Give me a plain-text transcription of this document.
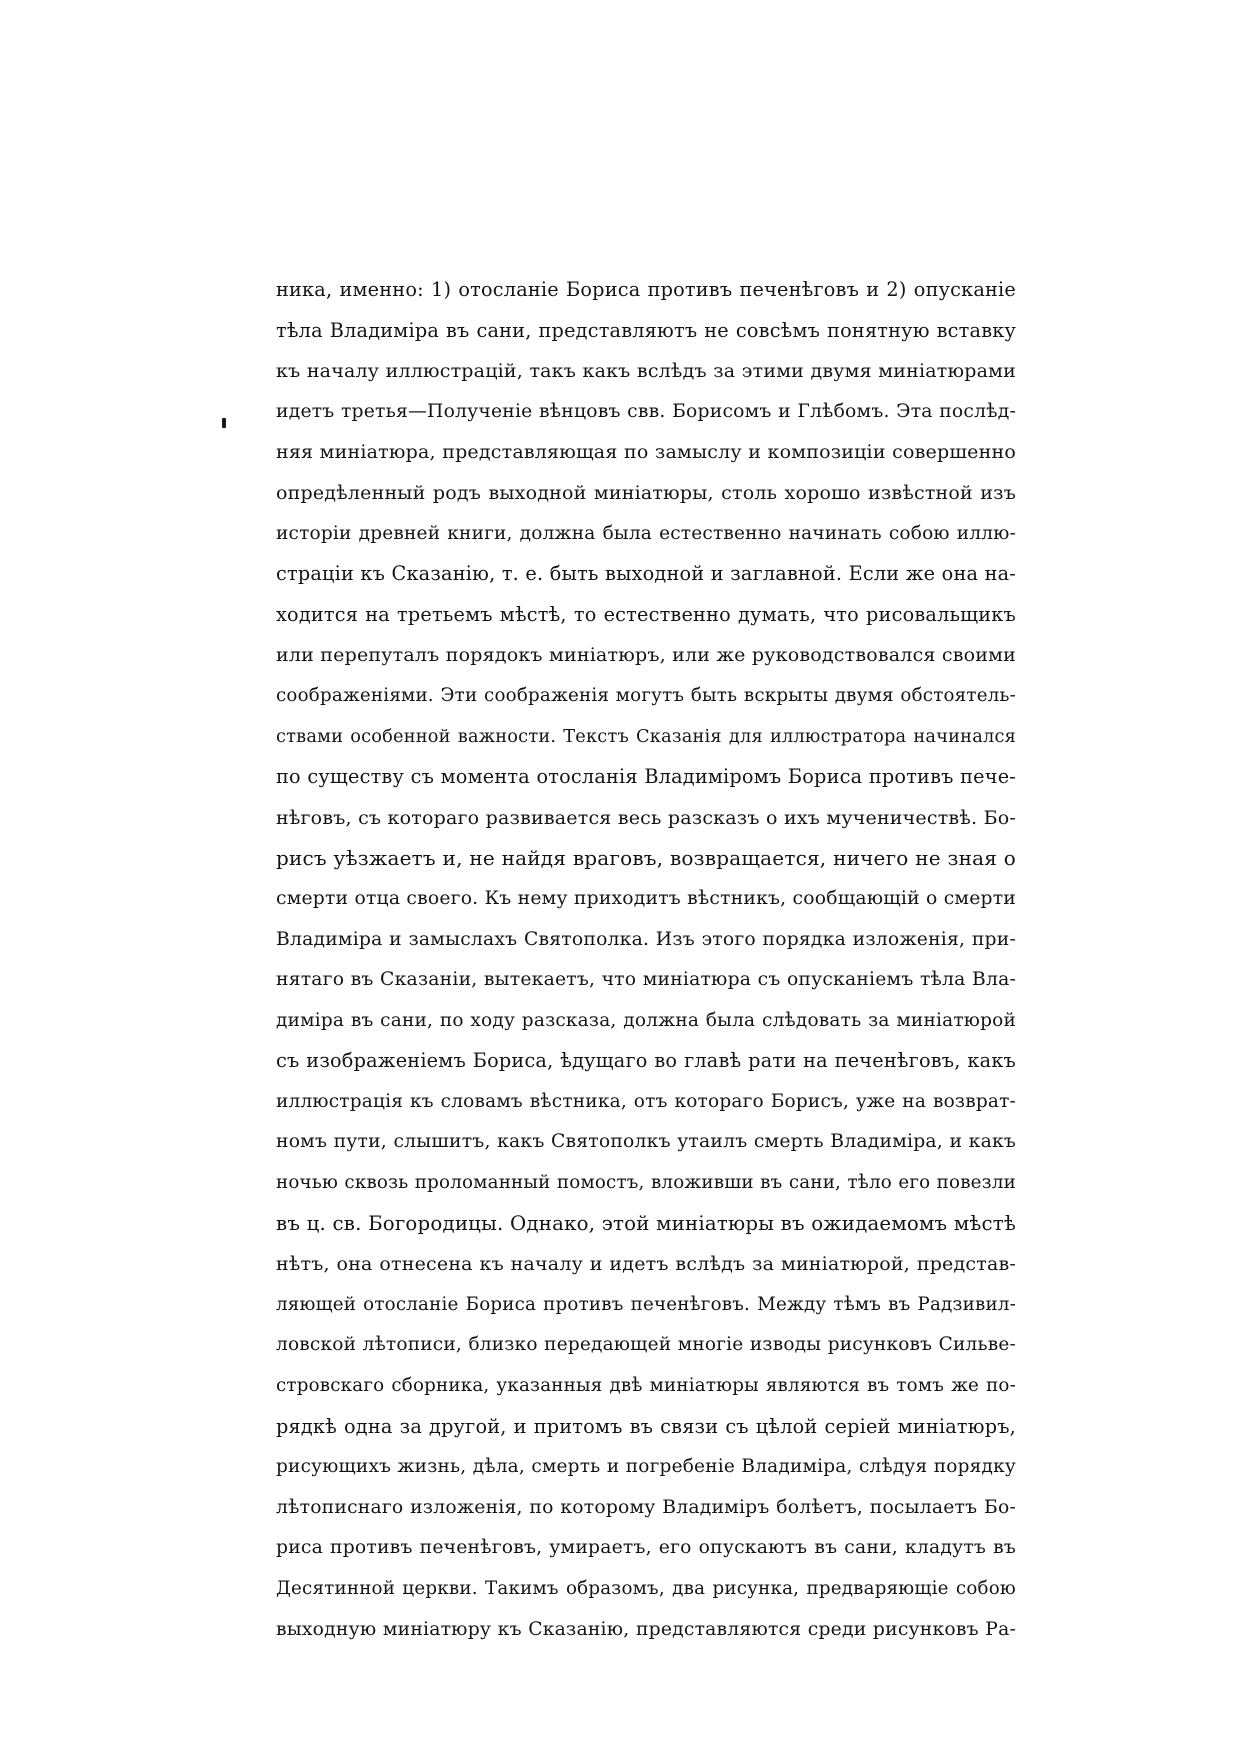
ника, именно: 1) отосланіе Бориса противъ печенѣговъ и 2) опусканіе
тѣла Владиміра въ сани, представляютъ не совсѣмъ понятную вставку
къ началу иллюстрацій, такъ какъ вслѣдъ за этими двумя миніатюрами
идетъ третья—Полученіе вѣнцовъ свв. Борисомъ и Глѣбомъ. Эта послѣд-
няя миніатюра, представляющая по замыслу и композиціи совершенно
опредѣленный родъ выходной миніатюры, столь хорошо извѣстной изъ
исторіи древней книги, должна была естественно начинать собою иллю-
страціи къ Сказанію, т. е. быть выходной и заглавной. Если же она на-
ходится на третьемъ мѣстѣ, то естественно думать, что рисовальщикъ
или перепуталъ порядокъ миніатюръ, или же руководствовался своими
соображеніями. Эти соображенія могутъ быть вскрыты двумя обстоятель-
ствами особенной важности. Текстъ Сказанія для иллюстратора начинался
по существу съ момента отосланія Владиміромъ Бориса противъ пече-
нѣговъ, съ котораго развивается весь разсказъ о ихъ мученичествѣ. Бо-
рисъ уѣзжаетъ и, не найдя враговъ, возвращается, ничего не зная о
смерти отца своего. Къ нему приходитъ вѣстникъ, сообщающій о смерти
Владиміра и замыслахъ Святополка. Изъ этого порядка изложенія, при-
нятаго въ Сказаніи, вытекаетъ, что миніатюра съ опусканіемъ тѣла Вла-
диміра въ сани, по ходу разсказа, должна была слѣдовать за миніатюрой
съ изображеніемъ Бориса, ѣдущаго во главѣ рати на печенѣговъ, какъ
иллюстрація къ словамъ вѣстника, отъ котораго Борисъ, уже на возврат-
номъ пути, слышитъ, какъ Святополкъ утаилъ смерть Владиміра, и какъ
ночью сквозь проломанный помостъ, вложивши въ сани, тѣло его повезли
въ ц. св. Богородицы. Однако, этой миніатюры въ ожидаемомъ мѣстѣ
нѣтъ, она отнесена къ началу и идетъ вслѣдъ за миніатюрой, представ-
ляющей отосланіе Бориса противъ печенѣговъ. Между тѣмъ въ Радзивил-
ловской лѣтописи, близко передающей многіе изводы рисунковъ Сильве-
стровскаго сборника, указанныя двѣ миніатюры являются въ томъ же по-
рядкѣ одна за другой, и притомъ въ связи съ цѣлой серіей миніатюръ,
рисующихъ жизнь, дѣла, смерть и погребеніе Владиміра, слѣдуя порядку
лѣтописнаго изложенія, по которому Владиміръ болѣетъ, посылаетъ Бо-
риса противъ печенѣговъ, умираетъ, его опускаютъ въ сани, кладутъ въ
Десятинной церкви. Такимъ образомъ, два рисунка, предваряющіе собою
выходную миніатюру къ Сказанію, представляются среди рисунковъ Ра-
